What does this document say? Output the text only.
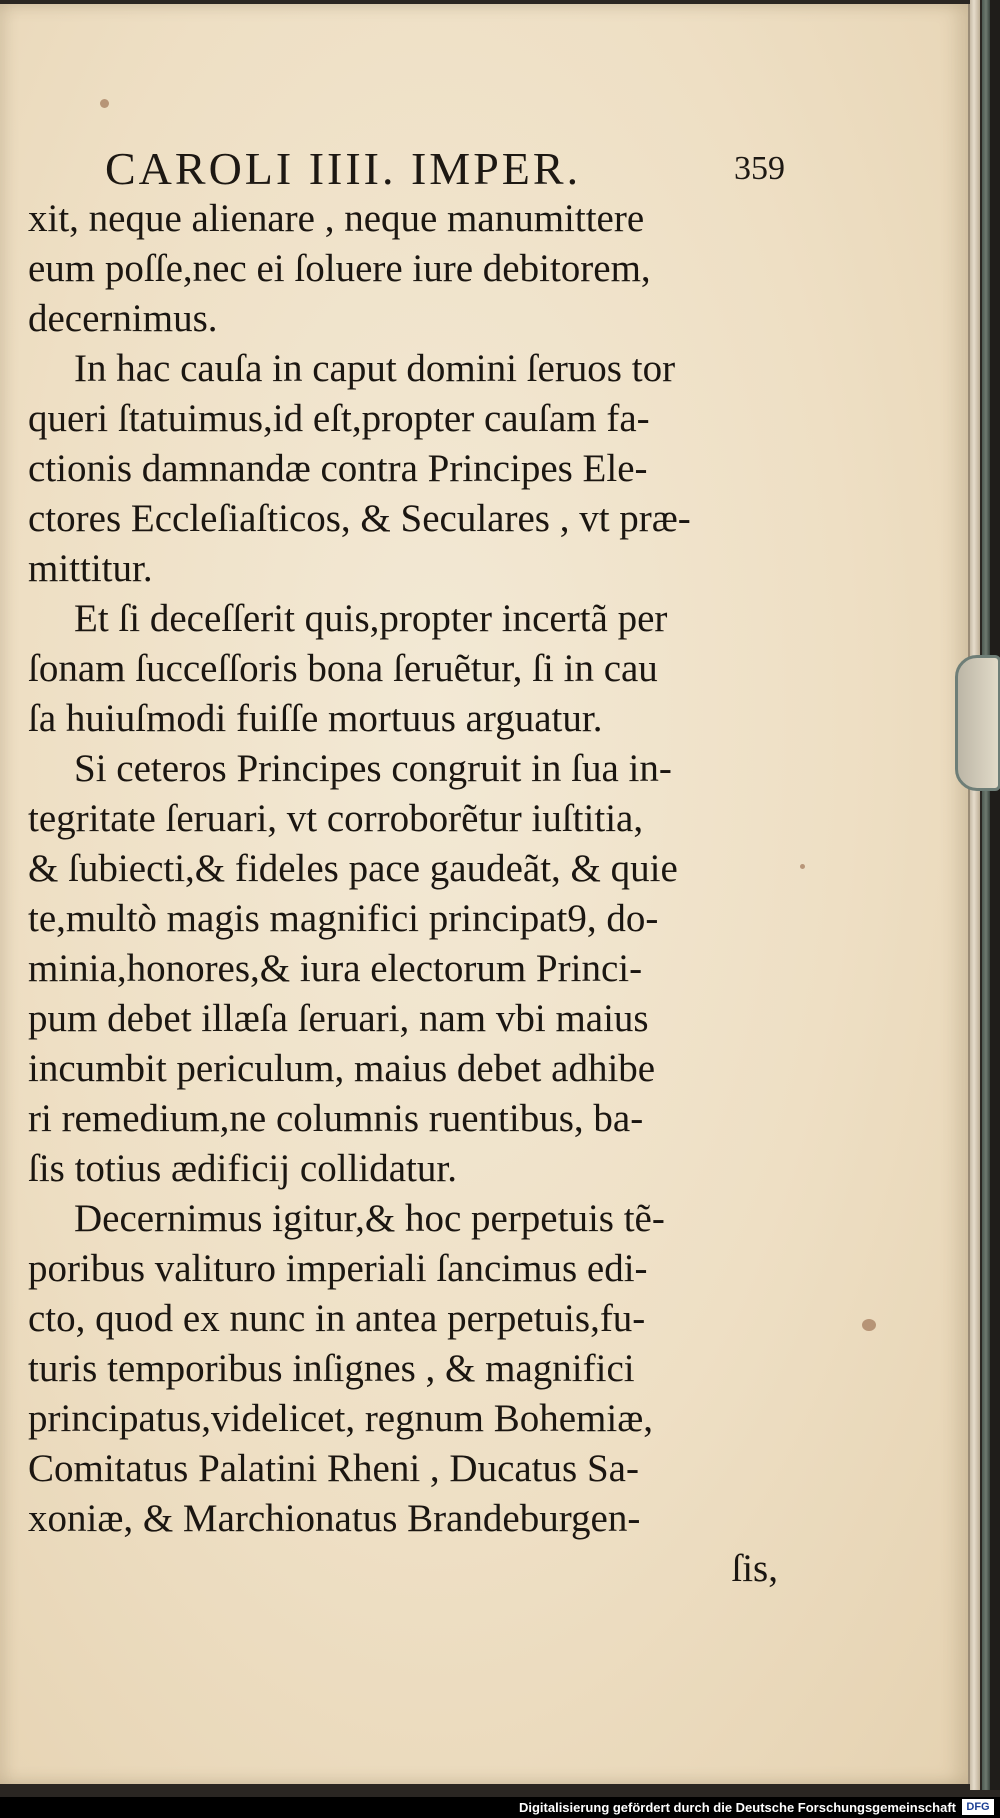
CAROLI IIII. IMPER.	359
xit, neque alienare , neque manumittere
eum poſſe,nec ei ſoluere iure debitorem,
decernimus.
In hac cauſa in caput domini ſeruos tor
queri ſtatuimus,id eſt,propter cauſam fa-
ctionis damnandæ contra Principes Ele-
ctores Eccleſiaſticos, & Seculares , vt præ-
mittitur.
Et ſi deceſſerit quis,propter incertã per
ſonam ſucceſſoris bona ſeruẽtur, ſi in cau
ſa huiuſmodi fuiſſe mortuus arguatur.
Si ceteros Principes congruit in ſua in-
tegritate ſeruari, vt corroborẽtur iuſtitia,
& ſubiecti,& fideles pace gaudeãt, & quie
te,multò magis magnifici principat9, do-
minia,honores,& iura electorum Princi-
pum debet illæſa ſeruari, nam vbi maius
incumbit periculum, maius debet adhibe
ri remedium,ne columnis ruentibus, ba-
ſis totius ædificij collidatur.
Decernimus igitur,& hoc perpetuis tẽ-
poribus valituro imperiali ſancimus edi-
cto, quod ex nunc in antea perpetuis,fu-
turis temporibus inſignes , & magnifici
principatus,videlicet, regnum Bohemiæ,
Comitatus Palatini Rheni , Ducatus Sa-
xoniæ, & Marchionatus Brandeburgen-
ſis,
Digitalisierung gefördert durch die Deutsche Forschungsgemeinschaft DFG
